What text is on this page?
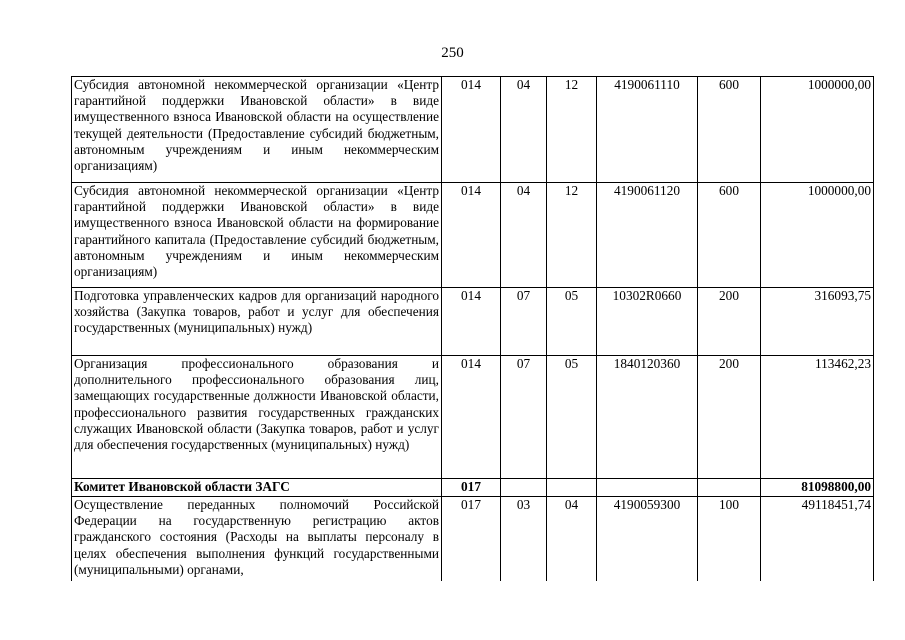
250
Субсидия автономной некоммерческой организации «Центр гарантийной поддержки Ивановской области» в виде имущественного взноса Ивановской области на осуществление текущей деятельности (Предоставление субсидий бюджетным, автономным учреждениям и иным некоммерческим организациям)	014	04	12	4190061110	600	1000000,00
Субсидия автономной некоммерческой организации «Центр гарантийной поддержки Ивановской области» в виде имущественного взноса Ивановской области на формирование гарантийного капитала (Предоставление субсидий бюджетным, автономным учреждениям и иным некоммерческим организациям)	014	04	12	4190061120	600	1000000,00
Подготовка управленческих кадров для организаций народного хозяйства (Закупка товаров, работ и услуг для обеспечения государственных (муниципальных) нужд)	014	07	05	10302R0660	200	316093,75
Организация профессионального образования и дополнительного профессионального образования лиц, замещающих государственные должности Ивановской области, профессионального развития государственных гражданских служащих Ивановской области (Закупка товаров, работ и услуг для обеспечения государственных (муниципальных) нужд)	014	07	05	1840120360	200	113462,23
Комитет Ивановской области ЗАГС	017					81098800,00
Осуществление переданных полномочий Российской Федерации на государственную регистрацию актов гражданского состояния (Расходы на выплаты персоналу в целях обеспечения выполнения функций государственными (муниципальными) органами,	017	03	04	4190059300	100	49118451,74
